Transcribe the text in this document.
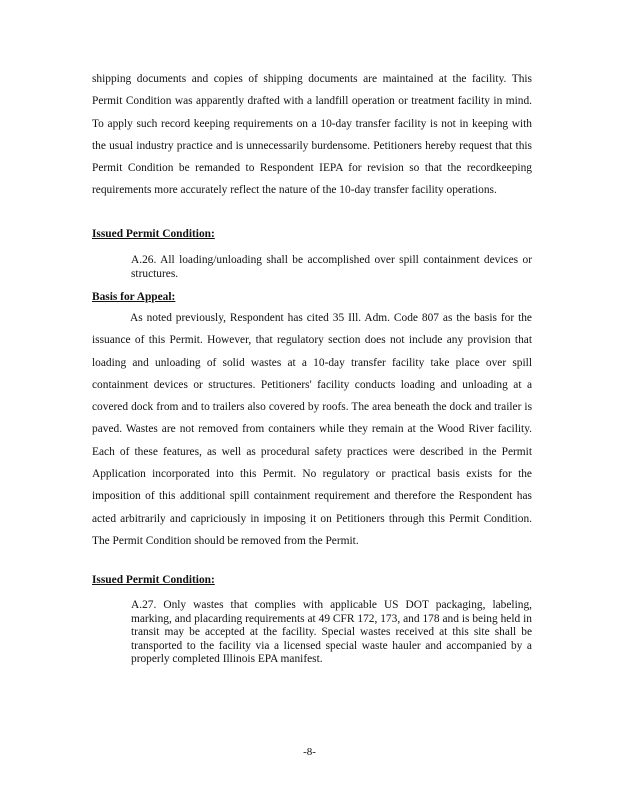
shipping documents and copies of shipping documents are maintained at the facility. This Permit Condition was apparently drafted with a landfill operation or treatment facility in mind. To apply such record keeping requirements on a 10-day transfer facility is not in keeping with the usual industry practice and is unnecessarily burdensome. Petitioners hereby request that this Permit Condition be remanded to Respondent IEPA for revision so that the recordkeeping requirements more accurately reflect the nature of the 10-day transfer facility operations.

Issued Permit Condition:

A.26. All loading/unloading shall be accomplished over spill containment devices or structures.

Basis for Appeal:

As noted previously, Respondent has cited 35 Ill. Adm. Code 807 as the basis for the issuance of this Permit. However, that regulatory section does not include any provision that loading and unloading of solid wastes at a 10-day transfer facility take place over spill containment devices or structures. Petitioners' facility conducts loading and unloading at a covered dock from and to trailers also covered by roofs. The area beneath the dock and trailer is paved. Wastes are not removed from containers while they remain at the Wood River facility. Each of these features, as well as procedural safety practices were described in the Permit Application incorporated into this Permit. No regulatory or practical basis exists for the imposition of this additional spill containment requirement and therefore the Respondent has acted arbitrarily and capriciously in imposing it on Petitioners through this Permit Condition. The Permit Condition should be removed from the Permit.

Issued Permit Condition:

A.27. Only wastes that complies with applicable US DOT packaging, labeling, marking, and placarding requirements at 49 CFR 172, 173, and 178 and is being held in transit may be accepted at the facility. Special wastes received at this site shall be transported to the facility via a licensed special waste hauler and accompanied by a properly completed Illinois EPA manifest.

-8-
